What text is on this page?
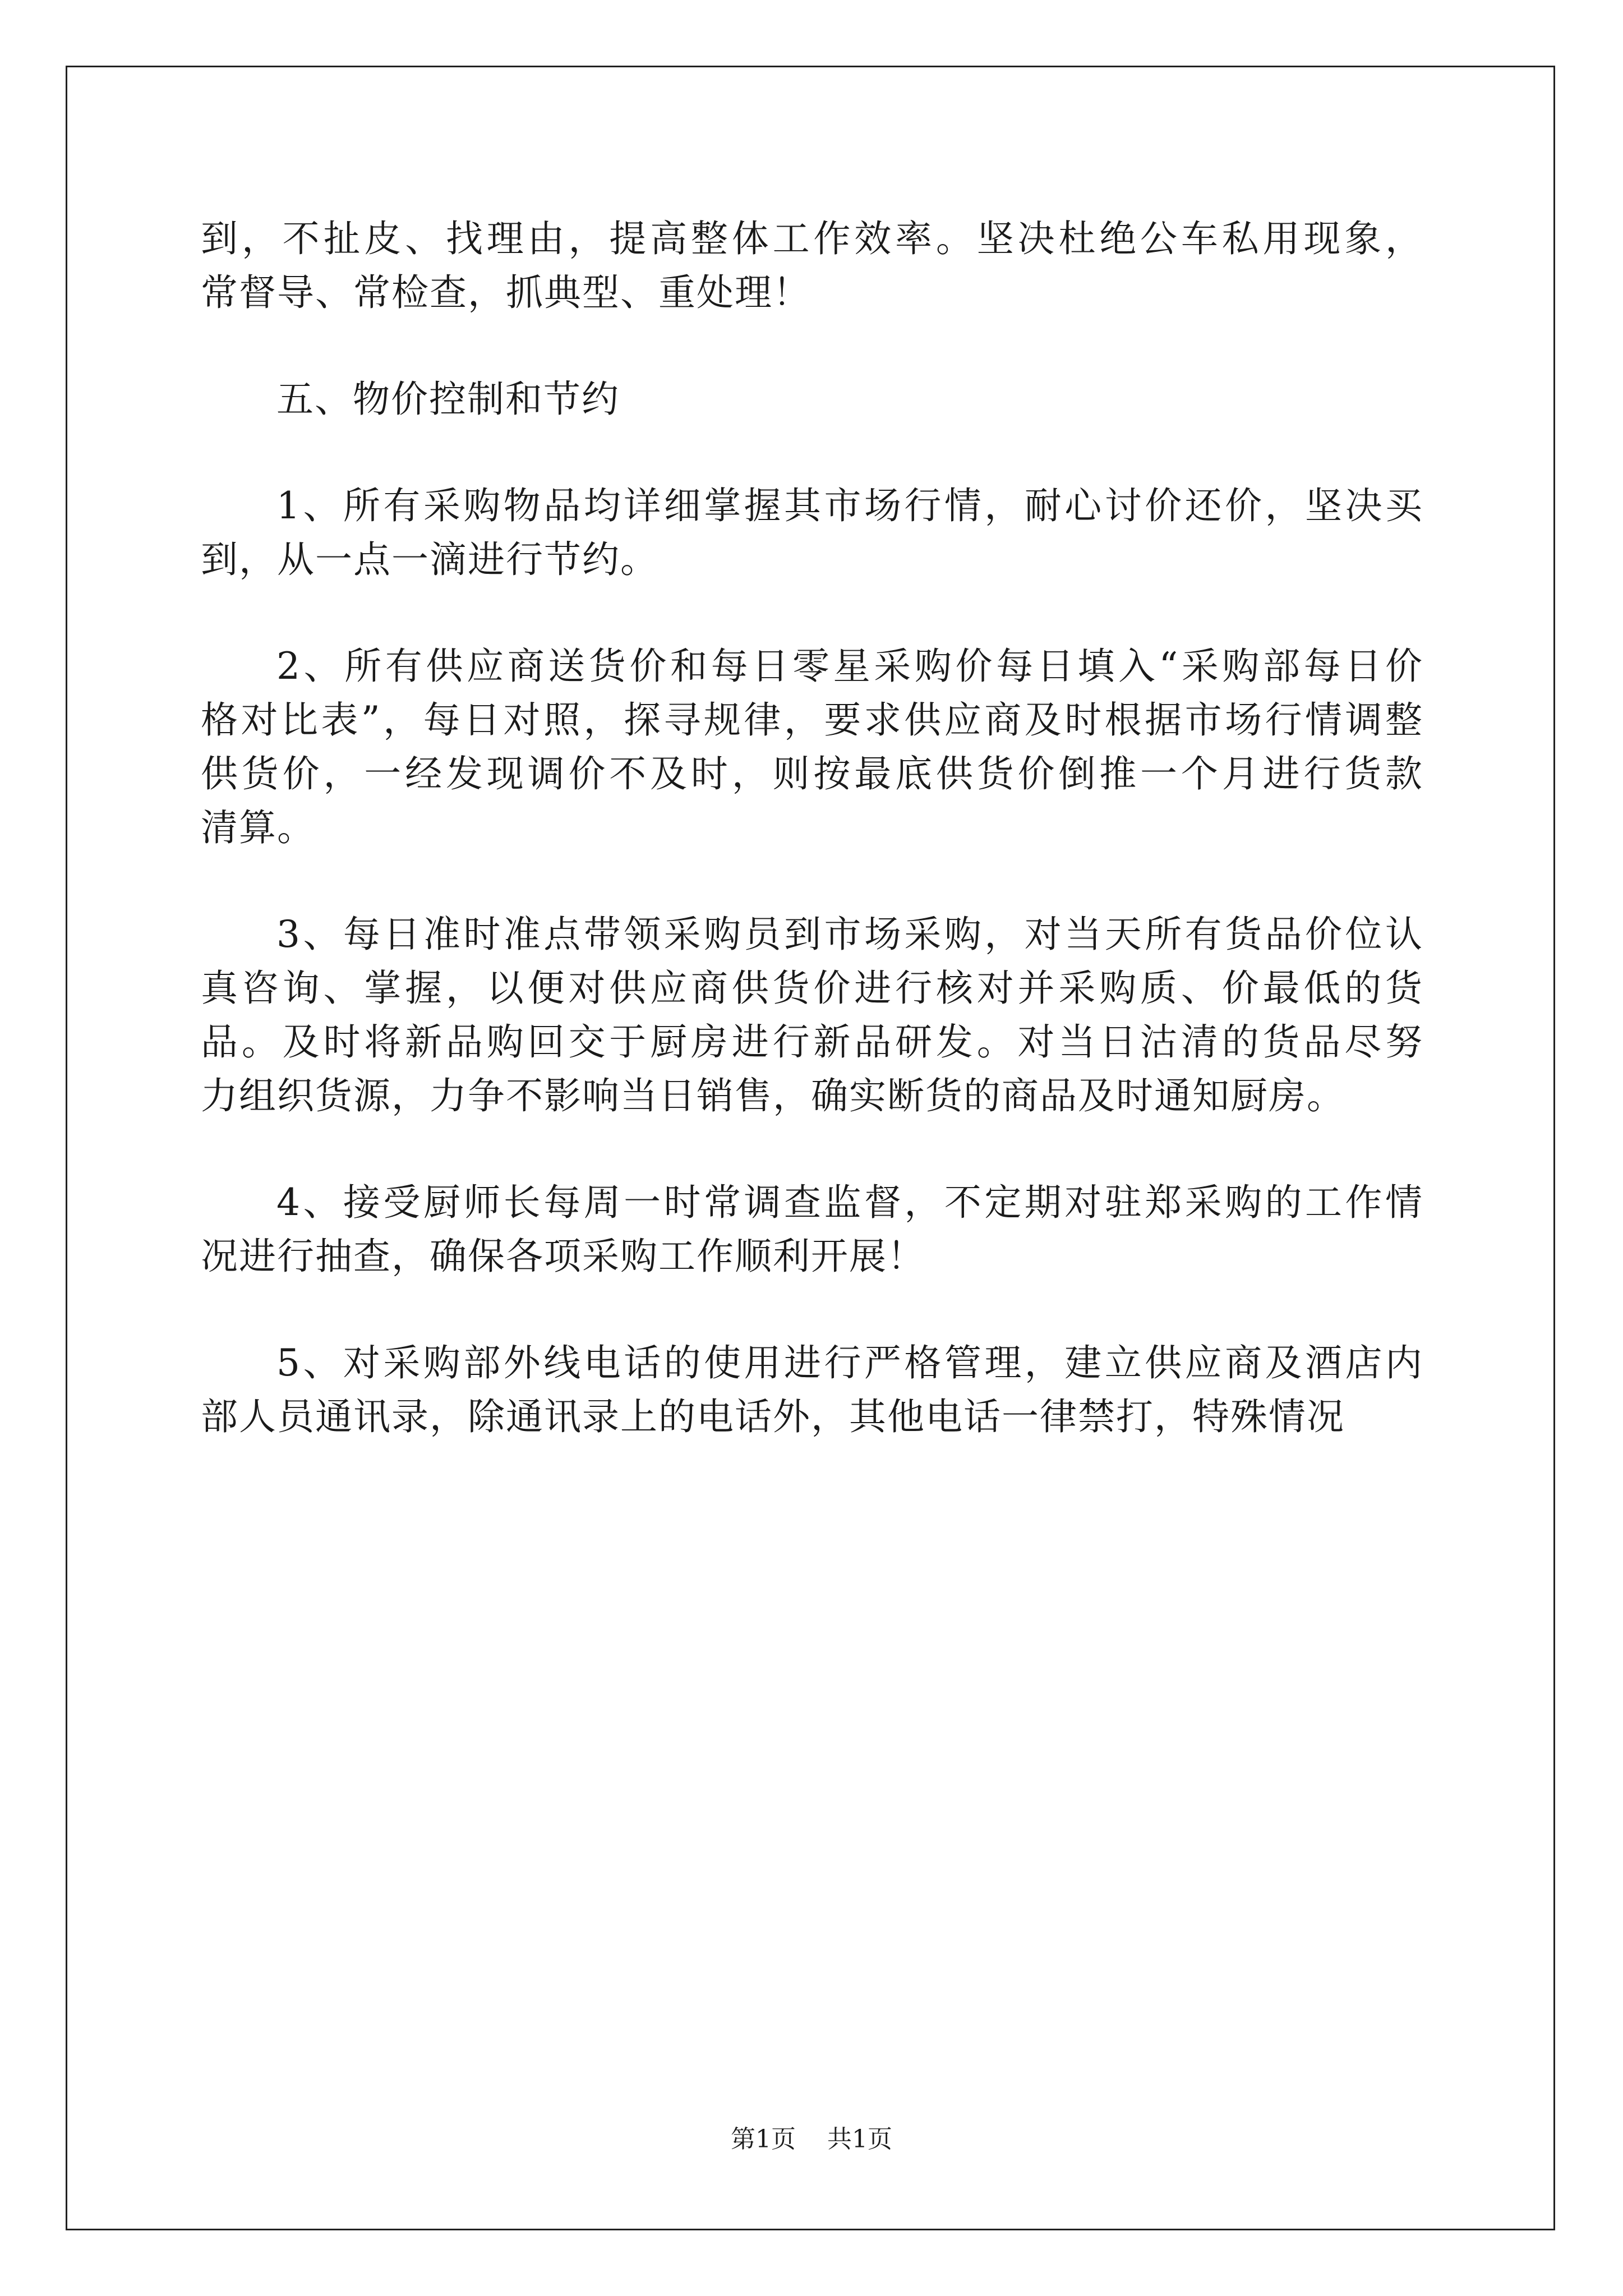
到，不扯皮、找理由，提高整体工作效率。坚决杜绝公车私用现象，
常督导、常检查，抓典型、重处理！
五、物价控制和节约
1、所有采购物品均详细掌握其市场行情，耐心讨价还价，坚决买
到，从一点一滴进行节约。
2、所有供应商送货价和每日零星采购价每日填入“采购部每日价
格对比表”，每日对照，探寻规律，要求供应商及时根据市场行情调整
供货价，一经发现调价不及时，则按最底供货价倒推一个月进行货款
清算。
3、每日准时准点带领采购员到市场采购，对当天所有货品价位认
真咨询、掌握，以便对供应商供货价进行核对并采购质、价最低的货
品。及时将新品购回交于厨房进行新品研发。对当日沽清的货品尽努
力组织货源，力争不影响当日销售，确实断货的商品及时通知厨房。
4、接受厨师长每周一时常调查监督，不定期对驻郑采购的工作情
况进行抽查，确保各项采购工作顺利开展！
5、对采购部外线电话的使用进行严格管理，建立供应商及酒店内
部人员通讯录，除通讯录上的电话外，其他电话一律禁打，特殊情况
第1页    共1页
